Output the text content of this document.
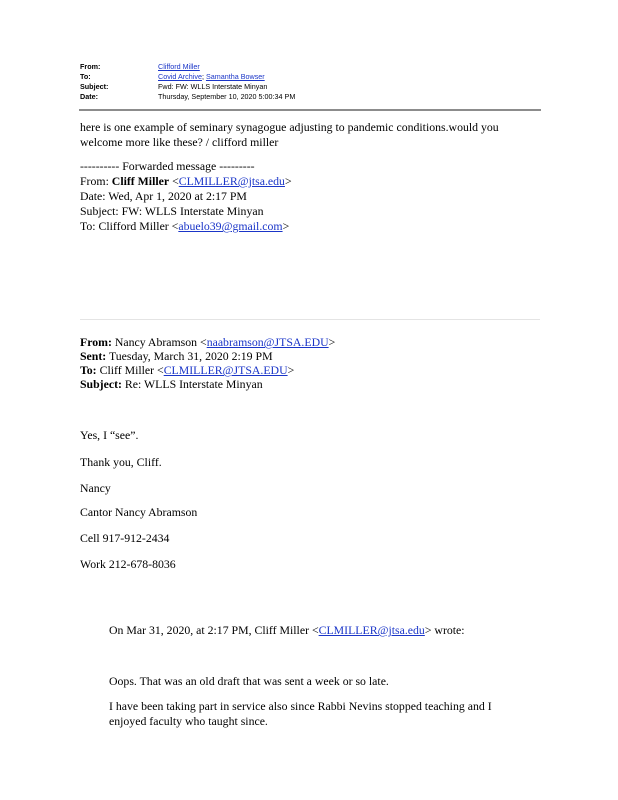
From:	Clifford Miller
To:	Covid Archive; Samantha Bowser
Subject:	Fwd: FW: WLLS Interstate Minyan
Date:	Thursday, September 10, 2020 5:00:34 PM
here is one example of seminary synagogue adjusting to pandemic conditions.would you
welcome more like these? / clifford miller
---------- Forwarded message ---------
From: Cliff Miller <CLMILLER@jtsa.edu>
Date: Wed, Apr 1, 2020 at 2:17 PM
Subject: FW: WLLS Interstate Minyan
To: Clifford Miller <abuelo39@gmail.com>
From: Nancy Abramson <naabramson@JTSA.EDU>
Sent: Tuesday, March 31, 2020 2:19 PM
To: Cliff Miller <CLMILLER@JTSA.EDU>
Subject: Re: WLLS Interstate Minyan
Yes, I “see”.
Thank you, Cliff.
Nancy
Cantor Nancy Abramson
Cell 917-912-2434
Work 212-678-8036
On Mar 31, 2020, at 2:17 PM, Cliff Miller <CLMILLER@jtsa.edu> wrote:
Oops. That was an old draft that was sent a week or so late.
I have been taking part in service also since Rabbi Nevins stopped teaching and I
enjoyed faculty who taught since.
